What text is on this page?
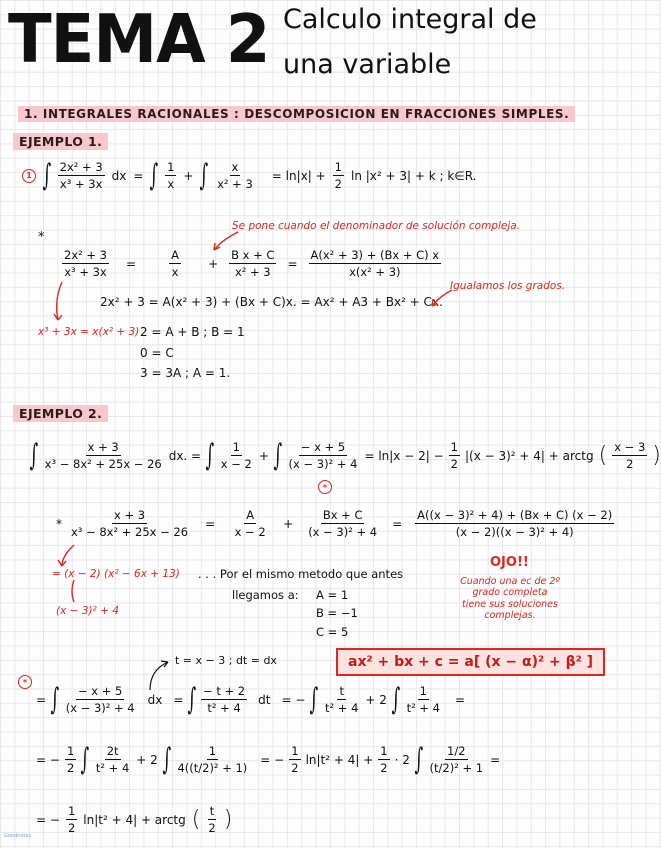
TEMA 2 Calculo integral de
una variable
1. INTEGRALES RACIONALES : DESCOMPOSICION EN FRACCIONES SIMPLES.
EJEMPLO 1.
1 ∫ $\frac{\text{2x² + 3}}{\text{x³ + 3x}}$ dx = ∫ $\frac{1}{x}$ + ∫ $\frac{x}{\text{x² + 3}} = \ln|x| + \frac{1}{2}$ ln |x² + 3| + k ; k∈R.
*
Se pone cuando el denominador de solución compleja.
$\frac{\text{2x² + 3}}{\text{x³ + 3x}} = \frac{A}{x} + \frac{\text{B x + C}}{\text{x² + 3}} = \frac{\text{A(x² + 3) + (Bx + C) x}}{\text{x(x² + 3)}}$
2x² + 3 = A(x² + 3) + (Bx + C)x. = Ax² + A3 + Bx² + Cx.
Igualamos los grados.
x³ + 3x = x(x² + 3) 2 = A + B ; B = 1
0 = C
3 = 3A ; A = 1.
EJEMPLO 2.
∫ $\frac{x + 3}{\text{x³ − 8x² + 25x − 26}}$ dx. = ∫ $\frac{1}{x - 2}$ + ∫ $\frac{- x + 5}{\text{(x − 3)² + 4}} = \ln|x - 2| - \frac{1}{2} |(x - 3)^2 + 4|$ + arctg ( $\frac{x - 3}{2}$ )
*
* $\frac{x + 3}{\text{x³ − 8x² + 25x − 26}} = \frac{A}{x - 2} + \frac{Bx + C}{\text{(x − 3)² + 4}} = \frac{\text{A((x − 3)² + 4) + (Bx + C) (x − 2)}}{\text{(x − 2)((x − 3)² + 4)}}$
= (x − 2) (x² − 6x + 13)
(x − 3)² + 4
. . . Por el mismo metodo que antes
llegamos a: A = 1
B = −1
C = 5
OJO!!
Cuando una ec de 2º grado completa tiene sus soluciones complejas.
ax² + bx + c = a[ (x − α)² + β² ]
t = x − 3 ; dt = dx
*
= ∫ $\frac{- x + 5}{\text{(x − 3)² + 4}}$ dx = ∫ $\frac{- t + 2}{\text{t² + 4}}$ dt = − ∫ $\frac{t}{\text{t² + 4}} + 2$ ∫ $\frac{1}{\text{t² + 4}}$ =
= − $\frac{1}{2}$ ∫ $\frac{2t}{\text{t² + 4}} + 2$ ∫ $\frac{1}{\text{4((t/2)² + 1)}}$ = − $\frac{1}{2} \ln|t^2 + 4| + \frac{1}{2} \cdot 2$ ∫ $\frac{1/2}{\text{(t/2)² + 1}}$ =
= − $\frac{1}{2} \ln|t^2 + 4|$ + arctg ( $\frac{t}{2}$ )
Goodnotes
